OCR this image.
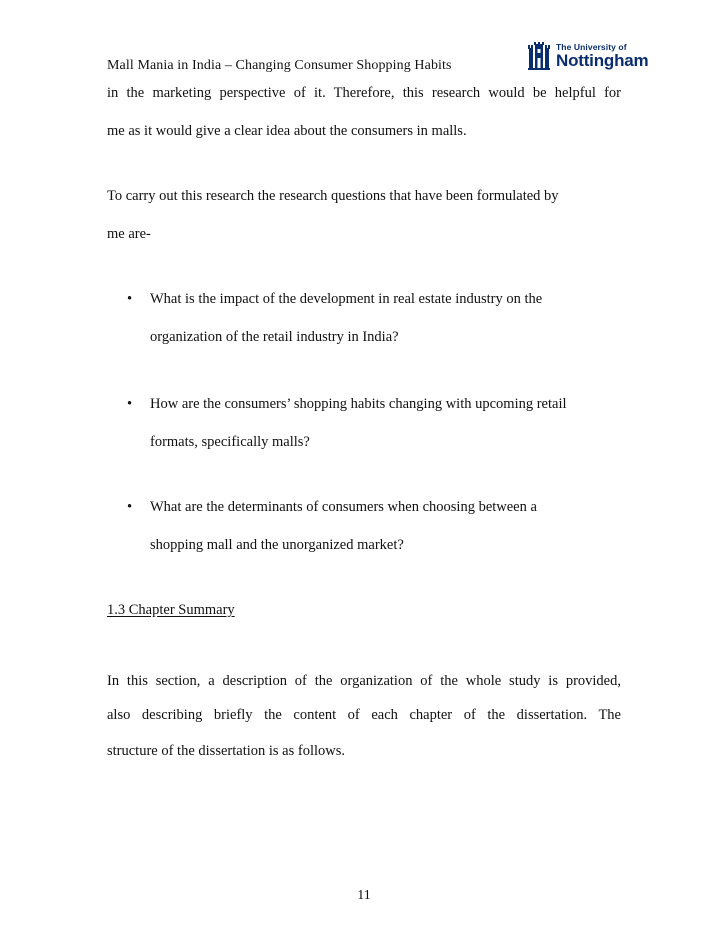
Mall Mania in India – Changing Consumer Shopping Habits
The University of
Nottingham
in the marketing perspective of it. Therefore, this research would be helpful for
me as it would give a clear idea about the consumers in malls.
To carry out this research the research questions that have been formulated by
me are-
• What is the impact of the development in real estate industry on the
organization of the retail industry in India?
• How are the consumers’ shopping habits changing with upcoming retail
formats, specifically malls?
• What are the determinants of consumers when choosing between a
shopping mall and the unorganized market?
1.3 Chapter Summary
In this section, a description of the organization of the whole study is provided,
also describing briefly the content of each chapter of the dissertation. The
structure of the dissertation is as follows.
11
